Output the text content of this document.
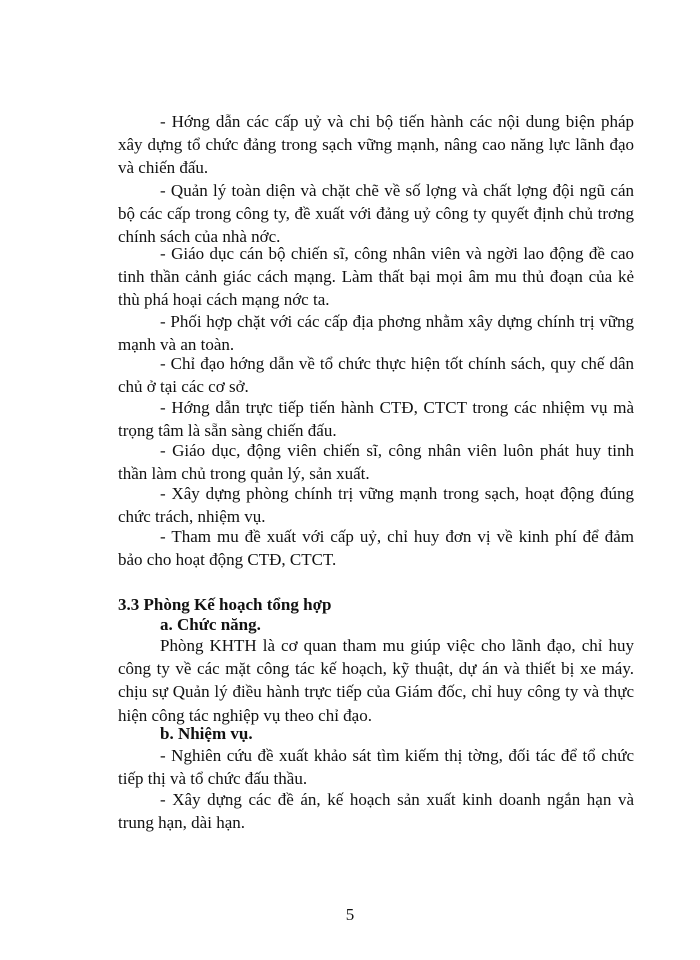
- Hớng dẫn các cấp uỷ và chi bộ tiến hành các nội dung biện pháp xây dựng tổ chức đảng trong sạch vững mạnh, nâng cao năng lực lãnh đạo và chiến đấu.

- Quản lý toàn diện và chặt chẽ về số lợng và chất lợng đội ngũ cán bộ các cấp trong công ty, đề xuất với đảng uỷ công ty quyết định chủ trơng chính sách của nhà nớc.

- Giáo dục cán bộ chiến sĩ, công nhân viên và ngời lao động đề cao tinh thần cảnh giác cách mạng. Làm thất bại mọi âm mu thủ đoạn của kẻ thù phá hoại cách mạng nớc ta.

- Phối hợp chặt với các cấp địa phơng nhằm xây dựng chính trị vững mạnh và an toàn.

- Chỉ đạo hớng dẫn về tổ chức thực hiện tốt chính sách, quy chế dân chủ ở tại các cơ sở.

- Hớng dẫn trực tiếp tiến hành CTĐ, CTCT trong các nhiệm vụ mà trọng tâm là sẵn sàng chiến đấu.

- Giáo dục, động viên chiến sĩ, công nhân viên luôn phát huy tinh thần làm chủ trong quản lý, sản xuất.

- Xây dựng phòng chính trị vững mạnh trong sạch, hoạt động đúng chức trách, nhiệm vụ.

- Tham mu đề xuất với cấp uỷ, chỉ huy đơn vị về kinh phí để đảm bảo cho hoạt động CTĐ, CTCT.

3.3 Phòng Kế hoạch tổng hợp

a. Chức năng.

Phòng KHTH là cơ quan tham mu giúp việc cho lãnh đạo, chỉ huy công ty về các mặt công tác kế hoạch, kỹ thuật, dự án và thiết bị xe máy. chịu sự Quản lý điều hành trực tiếp của Giám đốc, chỉ huy công ty và thực hiện công tác nghiệp vụ theo chỉ đạo.

b. Nhiệm vụ.

- Nghiên cứu đề xuất khảo sát tìm kiếm thị tờng, đối tác để tổ chức tiếp thị và tổ chức đấu thầu.

- Xây dựng các đề án, kế hoạch sản xuất kinh doanh ngắn hạn và trung hạn, dài hạn.

5
